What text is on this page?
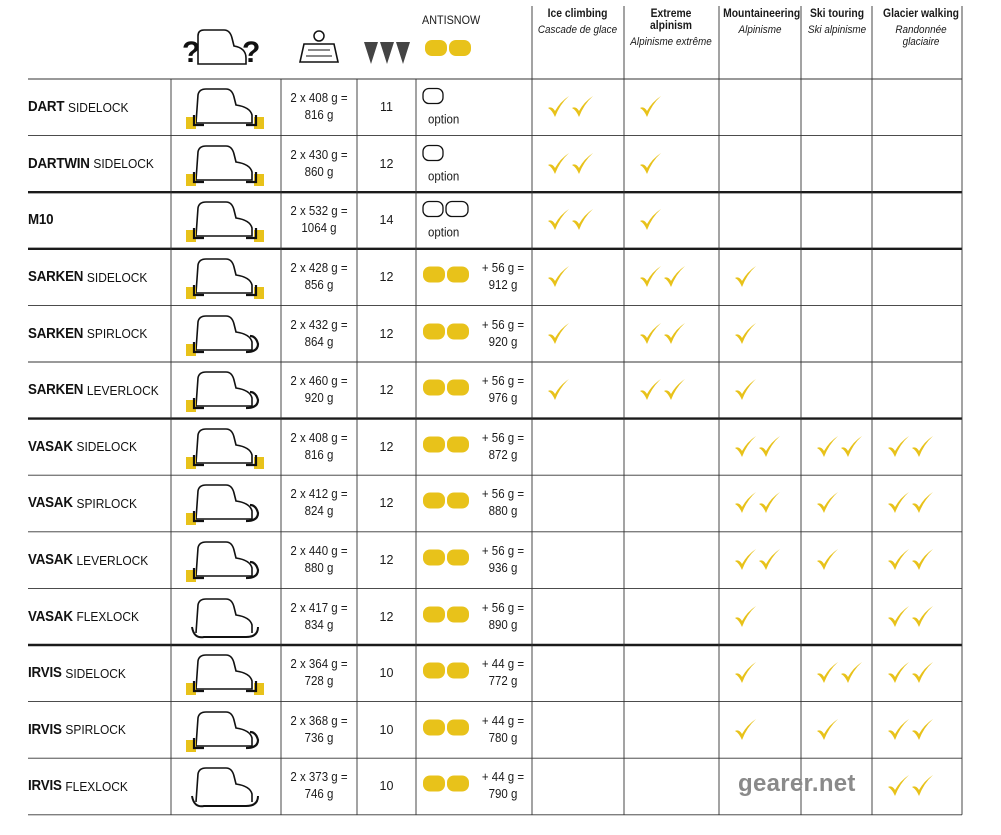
? ?
ANTISNOW	Ice climbing
Cascade de glace
Extreme alpinism
Alpinisme extrême
Mountaineering
Alpinisme
Ski touring
Ski alpinisme
Glacier walking
Randonnée glaciaire
DART SIDELOCK
2 x 408 g =
816 g
11
option
DARTWIN SIDELOCK
2 x 430 g =
860 g
12
option
M10
2 x 532 g =
1064 g
14
option
SARKEN SIDELOCK
2 x 428 g =
856 g
12
+ 56 g =
912 g
SARKEN SPIRLOCK
2 x 432 g =
864 g
12
+ 56 g =
920 g
SARKEN LEVERLOCK
2 x 460 g =
920 g
12
+ 56 g =
976 g
VASAK SIDELOCK
2 x 408 g =
816 g
12
+ 56 g =
872 g
VASAK SPIRLOCK
2 x 412 g =
824 g
12
+ 56 g =
880 g
VASAK LEVERLOCK
2 x 440 g =
880 g
12
+ 56 g =
936 g
VASAK FLEXLOCK
2 x 417 g =
834 g
12
+ 56 g =
890 g
IRVIS SIDELOCK
2 x 364 g =
728 g
10
+ 44 g =
772 g
IRVIS SPIRLOCK
2 x 368 g =
736 g
10
+ 44 g =
780 g
IRVIS FLEXLOCK
2 x 373 g =
746 g
10
+ 44 g =
790 g	gearer.net
